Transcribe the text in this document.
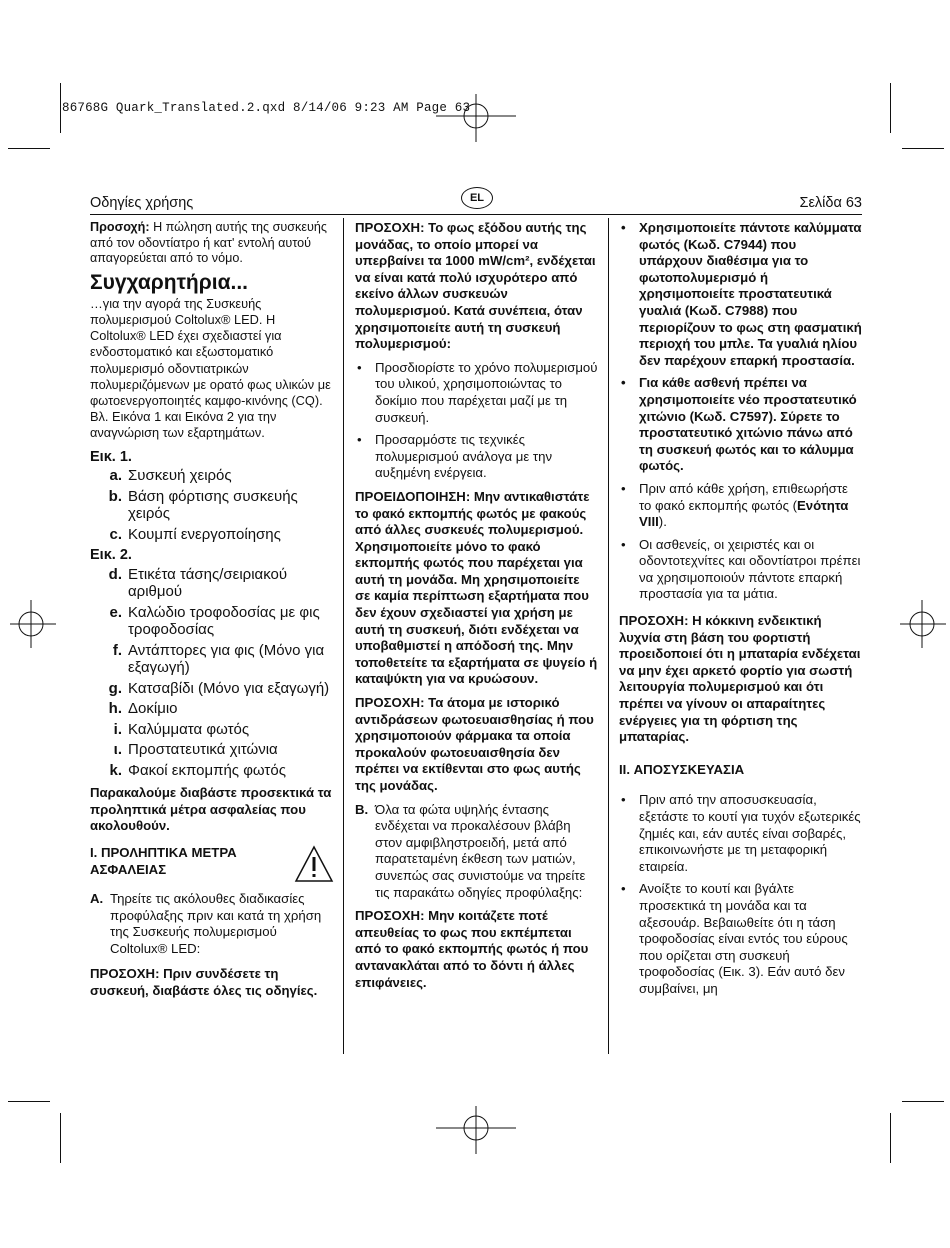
86768G Quark_Translated.2.qxd 8/14/06 9:23 AM Page 63
Οδηγίες χρήσης	EL	Σελίδα 63

Προσοχή: Η πώληση αυτής της συσκευής από τον οδοντίατρο ή κατ' εντολή αυτού απαγορεύεται από το νόμο.

Συγχαρητήρια...

…για την αγορά της Συσκευής πολυμερισμού Coltolux® LED. Η Coltolux® LED έχει σχεδιαστεί για ενδοστοματικό και εξωστοματικό πολυμερισμό οδοντιατρικών πολυμεριζόμενων με ορατό φως υλικών με φωτοενεργοποιητές καμφο-κινόνης (CQ). Βλ. Εικόνα 1 και Εικόνα 2 για την αναγνώριση των εξαρτημάτων.

Εικ. 1.
a. Συσκευή χειρός
b. Βάση φόρτισης συσκευής χειρός
c. Κουμπί ενεργοποίησης
Εικ. 2.
d. Ετικέτα τάσης/σειριακού αριθμού
e. Καλώδιο τροφοδοσίας με φις τροφοδοσίας
f. Αντάπτορες για φις (Μόνο για εξαγωγή)
g. Κατσαβίδι (Μόνο για εξαγωγή)
h. Δοκίμιο
i. Καλύμματα φωτός
ι. Προστατευτικά χιτώνια
k. Φακοί εκπομπής φωτός

Παρακαλούμε διαβάστε προσεκτικά τα προληπτικά μέτρα ασφαλείας που ακολουθούν.

I. ΠΡΟΛΗΠΤΙΚΑ ΜΕΤΡΑ ΑΣΦΑΛΕΙΑΣ
A. Τηρείτε τις ακόλουθες διαδικασίες προφύλαξης πριν και κατά τη χρήση της Συσκευής πολυμερισμού Coltolux® LED:

ΠΡΟΣΟΧΗ: Πριν συνδέσετε τη συσκευή, διαβάστε όλες τις οδηγίες.

ΠΡΟΣΟΧΗ: Το φως εξόδου αυτής της μονάδας, το οποίο μπορεί να υπερβαίνει τα 1000 mW/cm², ενδέχεται να είναι κατά πολύ ισχυρότερο από εκείνο άλλων συσκευών πολυμερισμού. Κατά συνέπεια, όταν χρησιμοποιείτε αυτή τη συσκευή πολυμερισμού:

• Προσδιορίστε το χρόνο πολυμερισμού του υλικού, χρησιμοποιώντας το δοκίμιο που παρέχεται μαζί με τη συσκευή.
• Προσαρμόστε τις τεχνικές πολυμερισμού ανάλογα με την αυξημένη ενέργεια.

ΠΡΟΕΙΔΟΠΟΙΗΣΗ: Μην αντικαθιστάτε το φακό εκπομπής φωτός με φακούς από άλλες συσκευές πολυμερισμού. Χρησιμοποιείτε μόνο το φακό εκπομπής φωτός που παρέχεται για αυτή τη μονάδα. Μη χρησιμοποιείτε σε καμία περίπτωση εξαρτήματα που δεν έχουν σχεδιαστεί για χρήση με αυτή τη συσκευή, διότι ενδέχεται να υποβαθμιστεί η απόδοσή της. Μην τοποθετείτε τα εξαρτήματα σε ψυγείο ή καταψύκτη για να κρυώσουν.

ΠΡΟΣΟΧΗ: Τα άτομα με ιστορικό αντιδράσεων φωτοευαισθησίας ή που χρησιμοποιούν φάρμακα τα οποία προκαλούν φωτοευαισθησία δεν πρέπει να εκτίθενται στο φως αυτής της μονάδας.

B. Όλα τα φώτα υψηλής έντασης ενδέχεται να προκαλέσουν βλάβη στον αμφιβληστροειδή, μετά από παρατεταμένη έκθεση των ματιών, συνεπώς σας συνιστούμε να τηρείτε τις παρακάτω οδηγίες προφύλαξης:

ΠΡΟΣΟΧΗ: Μην κοιτάζετε ποτέ απευθείας το φως που εκπέμπεται από το φακό εκπομπής φωτός ή που αντανακλάται από το δόντι ή άλλες επιφάνειες.

• Χρησιμοποιείτε πάντοτε καλύμματα φωτός (Κωδ. C7944) που υπάρχουν διαθέσιμα για το φωτοπολυμερισμό ή χρησιμοποιείτε προστατευτικά γυαλιά (Κωδ. C7988) που περιορίζουν το φως στη φασματική περιοχή του μπλε. Τα γυαλιά ηλίου δεν παρέχουν επαρκή προστασία.
• Για κάθε ασθενή πρέπει να χρησιμοποιείτε νέο προστατευτικό χιτώνιο (Κωδ. C7597). Σύρετε το προστατευτικό χιτώνιο πάνω από τη συσκευή φωτός και το κάλυμμα φωτός.
• Πριν από κάθε χρήση, επιθεωρήστε το φακό εκπομπής φωτός (Ενότητα VIII).
• Οι ασθενείς, οι χειριστές και οι οδοντοτεχνίτες και οδοντίατροι πρέπει να χρησιμοποιούν πάντοτε επαρκή προστασία για τα μάτια.

ΠΡΟΣΟΧΗ: Η κόκκινη ενδεικτική λυχνία στη βάση του φορτιστή προειδοποιεί ότι η μπαταρία ενδέχεται να μην έχει αρκετό φορτίο για σωστή λειτουργία πολυμερισμού και ότι πρέπει να γίνουν οι απαραίτητες ενέργειες για τη φόρτιση της μπαταρίας.

II. ΑΠΟΣΥΣΚΕΥΑΣΙΑ

• Πριν από την αποσυσκευασία, εξετάστε το κουτί για τυχόν εξωτερικές ζημιές και, εάν αυτές είναι σοβαρές, επικοινωνήστε με τη μεταφορική εταιρεία.
• Ανοίξτε το κουτί και βγάλτε προσεκτικά τη μονάδα και τα αξεσουάρ. Βεβαιωθείτε ότι η τάση τροφοδοσίας είναι εντός του εύρους που ορίζεται στη συσκευή τροφοδοσίας (Εικ. 3). Εάν αυτό δεν συμβαίνει, μη
